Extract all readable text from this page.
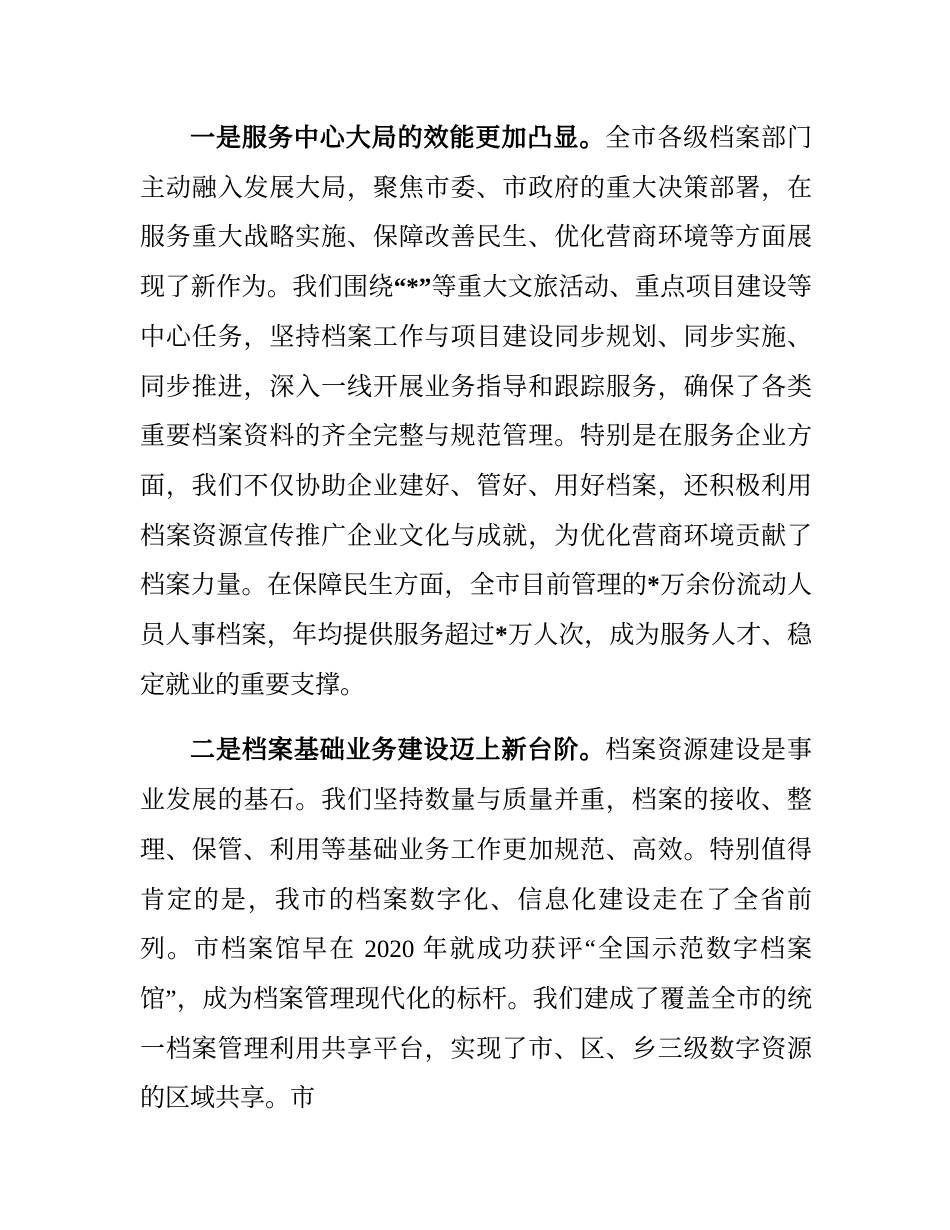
一是服务中心大局的效能更加凸显。全市各级档案部门主动融入发展大局，聚焦市委、市政府的重大决策部署，在服务重大战略实施、保障改善民生、优化营商环境等方面展现了新作为。我们围绕“*”等重大文旅活动、重点项目建设等中心任务，坚持档案工作与项目建设同步规划、同步实施、同步推进，深入一线开展业务指导和跟踪服务，确保了各类重要档案资料的齐全完整与规范管理。特别是在服务企业方面，我们不仅协助企业建好、管好、用好档案，还积极利用档案资源宣传推广企业文化与成就，为优化营商环境贡献了档案力量。在保障民生方面，全市目前管理的*万余份流动人员人事档案，年均提供服务超过*万人次，成为服务人才、稳定就业的重要支撑。

二是档案基础业务建设迈上新台阶。档案资源建设是事业发展的基石。我们坚持数量与质量并重，档案的接收、整理、保管、利用等基础业务工作更加规范、高效。特别值得肯定的是，我市的档案数字化、信息化建设走在了全省前列。市档案馆早在 2020 年就成功获评“全国示范数字档案馆”，成为档案管理现代化的标杆。我们建成了覆盖全市的统一档案管理利用共享平台，实现了市、区、乡三级数字资源的区域共享。市
